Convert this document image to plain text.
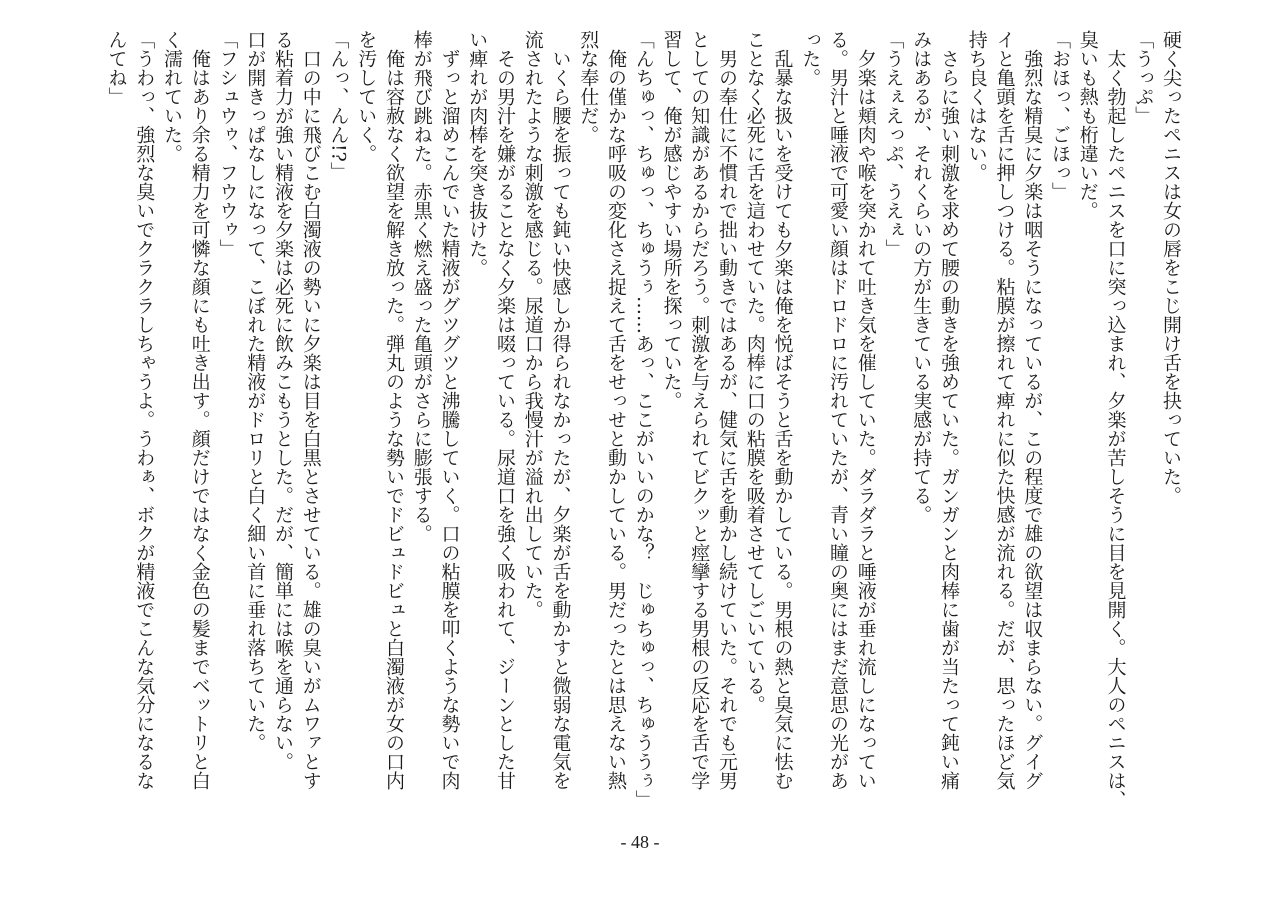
硬く尖ったペニスは女の唇をこじ開け舌を抉っていた。
「うっぷ」
　太く勃起したペニスを口に突っ込まれ、夕楽が苦しそうに目を見開く。大人のペニスは、
臭いも熱も桁違いだ。
「おほっ、ごほっ」
　強烈な精臭に夕楽は咽そうになっているが、この程度で雄の欲望は収まらない。グイグ
イと亀頭を舌に押しつける。粘膜が擦れて痺れに似た快感が流れる。だが、思ったほど気
持ち良くはない。
　さらに強い刺激を求めて腰の動きを強めていた。ガンガンと肉棒に歯が当たって鈍い痛
みはあるが、それくらいの方が生きている実感が持てる。
「うえぇえっぷ、うえぇ」
　夕楽は頬肉や喉を突かれて吐き気を催していた。ダラダラと唾液が垂れ流しになってい
る。男汁と唾液で可愛い顔はドロドロに汚れていたが、青い瞳の奥にはまだ意思の光があ
った。
　乱暴な扱いを受けても夕楽は俺を悦ばそうと舌を動かしている。男根の熱と臭気に怯む
ことなく必死に舌を這わせていた。肉棒に口の粘膜を吸着させてしごいている。
　男の奉仕に不慣れで拙い動きではあるが、健気に舌を動かし続けていた。それでも元男
としての知識があるからだろう。刺激を与えられてビクッと痙攣する男根の反応を舌で学
習して、俺が感じやすい場所を探っていた。
「んちゅっ、ちゅっ、ちゅうぅ……あっ、ここがいいのかな？　じゅちゅっ、ちゅううぅ」
　俺の僅かな呼吸の変化さえ捉えて舌をせっせと動かしている。男だったとは思えない熱
烈な奉仕だ。
　いくら腰を振っても鈍い快感しか得られなかったが、夕楽が舌を動かすと微弱な電気を
流されたような刺激を感じる。尿道口から我慢汁が溢れ出していた。
　その男汁を嫌がることなく夕楽は啜っている。尿道口を強く吸われて、ジーンとした甘
い痺れが肉棒を突き抜けた。
　ずっと溜めこんでいた精液がグツグツと沸騰していく。口の粘膜を叩くような勢いで肉
棒が飛び跳ねた。赤黒く燃え盛った亀頭がさらに膨張する。
　俺は容赦なく欲望を解き放った。弾丸のような勢いでドビュドビュと白濁液が女の口内
を汚していく。
「んっ、んん!?」
　口の中に飛びこむ白濁液の勢いに夕楽は目を白黒とさせている。雄の臭いがムワァとす
る粘着力が強い精液を夕楽は必死に飲みこもうとした。だが、簡単には喉を通らない。
口が開きっぱなしになって、こぼれた精液がドロリと白く細い首に垂れ落ちていた。
「フシュウゥ、フウウゥ」
　俺はあり余る精力を可憐な顔にも吐き出す。顔だけではなく金色の髪までベットリと白
く濡れていた。
「うわっ、強烈な臭いでクラクラしちゃうよ。うわぁ、ボクが精液でこんな気分になるな
んてね」
- 48 -
